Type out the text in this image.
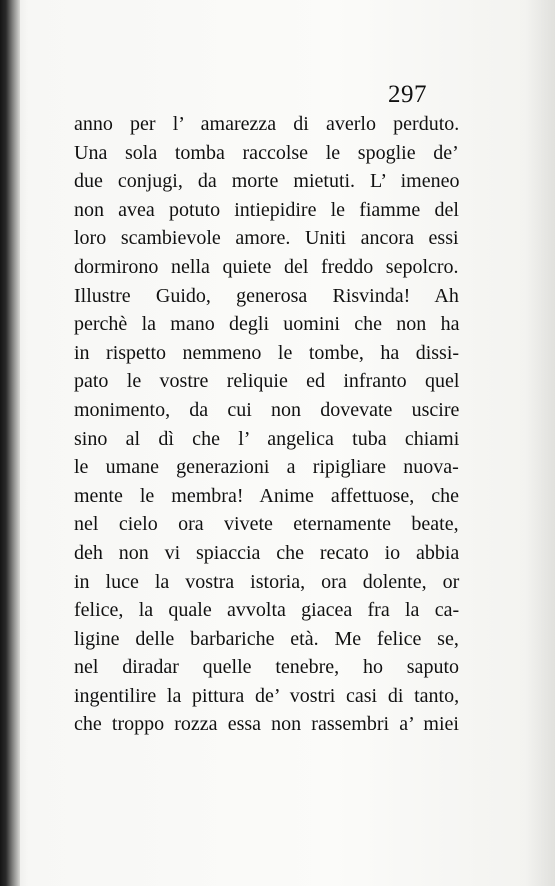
297
anno per l’ amarezza di averlo perduto.
Una sola tomba raccolse le spoglie de’
due conjugi, da morte mietuti. L’ imeneo
non avea potuto intiepidire le fiamme del
loro scambievole amore. Uniti ancora essi
dormirono nella quiete del freddo sepolcro.
Illustre Guido, generosa Risvinda! Ah
perchè la mano degli uomini che non ha
in rispetto nemmeno le tombe, ha dissi-
pato le vostre reliquie ed infranto quel
monimento, da cui non dovevate uscire
sino al dì che l’ angelica tuba chiami
le umane generazioni a ripigliare nuova-
mente le membra! Anime affettuose, che
nel cielo ora vivete eternamente beate,
deh non vi spiaccia che recato io abbia
in luce la vostra istoria, ora dolente, or
felice, la quale avvolta giacea fra la ca-
ligine delle barbariche età. Me felice se,
nel diradar quelle tenebre, ho saputo
ingentilire la pittura de’ vostri casi di tanto,
che troppo rozza essa non rassembri a’ miei
